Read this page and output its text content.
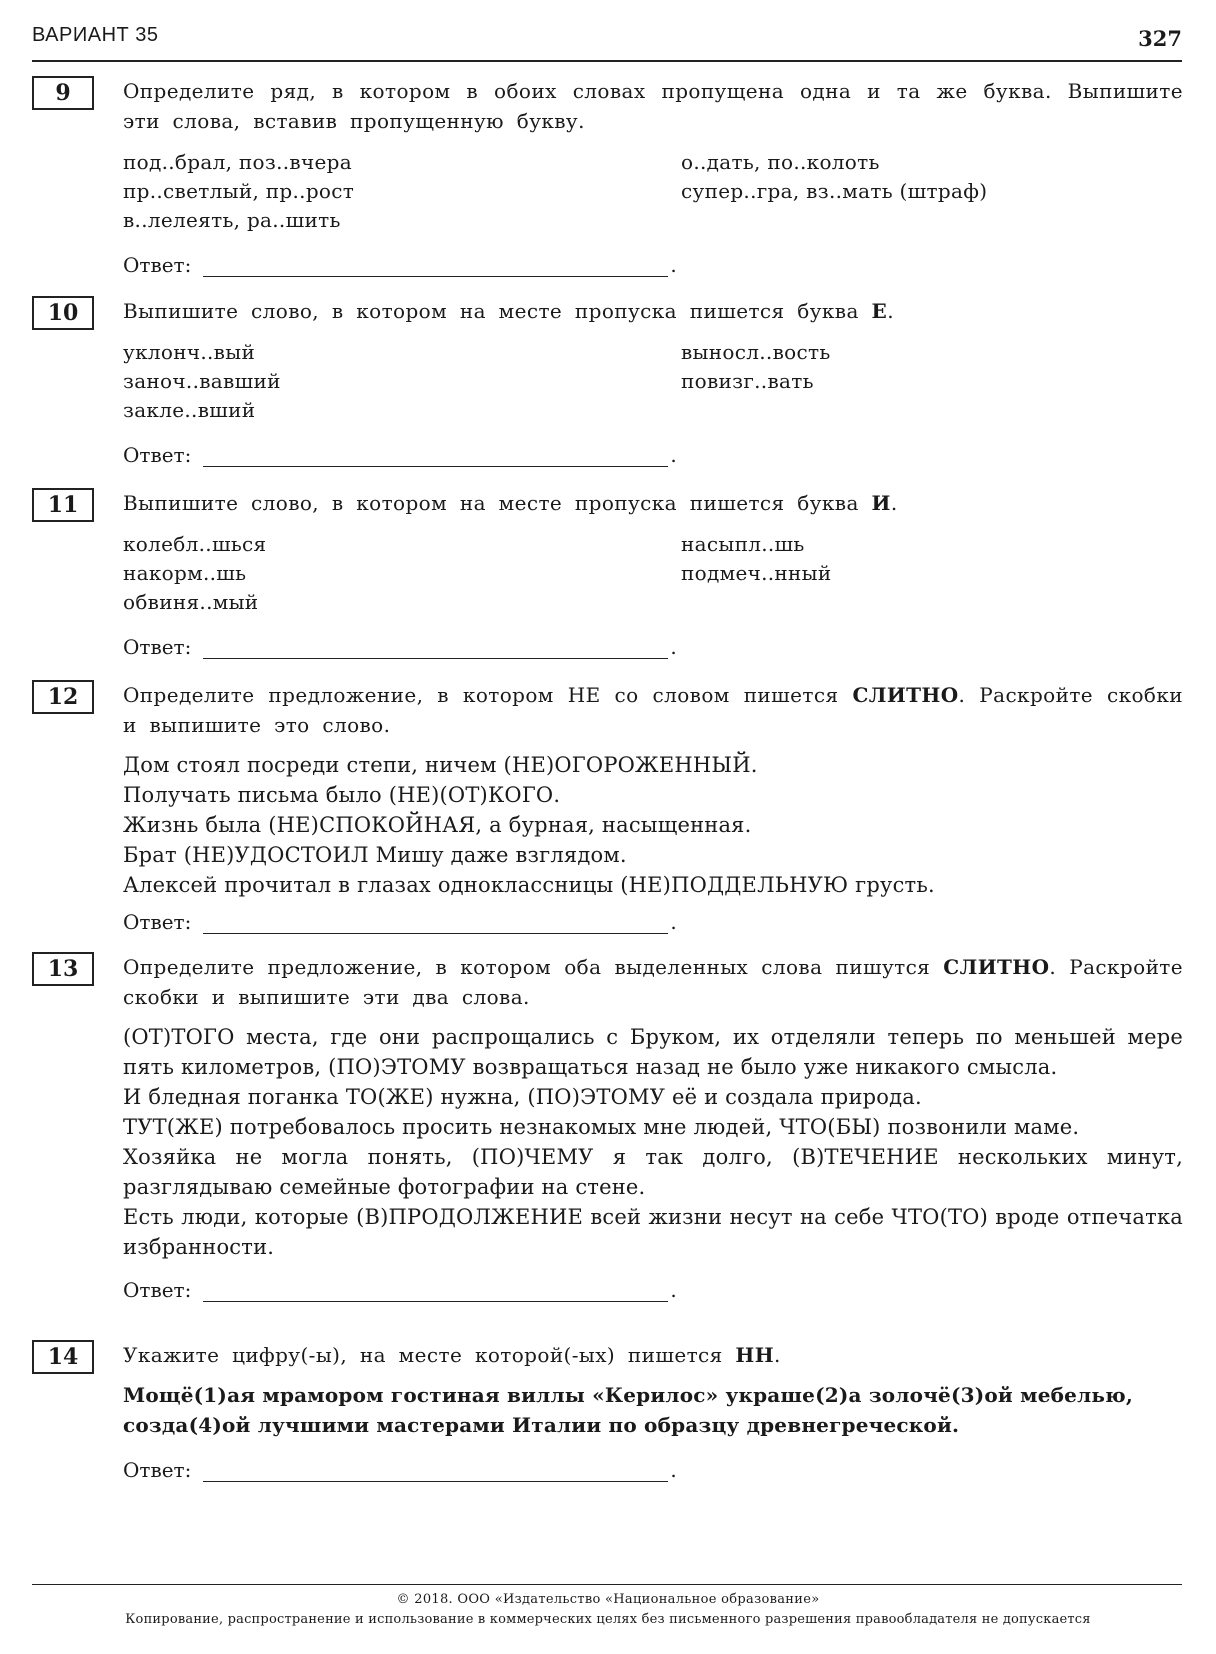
ВАРИАНТ 35	327
9	Определите ряд, в котором в обоих словах пропущена одна и та же буква. Выпишите эти слова, вставив пропущенную букву.

под..брал, поз..вчера	о..дать, по..колоть
пр..светлый, пр..рост	супер..гра, вз..мать (штраф)
в..лелеять, ра..шить
Ответ:	.
10	Выпишите слово, в котором на месте пропуска пишется буква Е.

уклонч..вый	выносл..вость
заноч..вавший	повизг..вать
закле..вший
Ответ:	.
11	Выпишите слово, в котором на месте пропуска пишется буква И.

колебл..шься	насыпл..шь
накорм..шь	подмеч..нный
обвиня..мый
Ответ:	.
12	Определите предложение, в котором НЕ со словом пишется СЛИТНО. Раскройте скобки и выпишите это слово.

Дом стоял посреди степи, ничем (НЕ)ОГОРОЖЕННЫЙ.
Получать письма было (НЕ)(ОТ)КОГО.
Жизнь была (НЕ)СПОКОЙНАЯ, а бурная, насыщенная.
Брат (НЕ)УДОСТОИЛ Мишу даже взглядом.
Алексей прочитал в глазах одноклассницы (НЕ)ПОДДЕЛЬНУЮ грусть.
Ответ:	.
13	Определите предложение, в котором оба выделенных слова пишутся СЛИТНО. Раскройте скобки и выпишите эти два слова.

(ОТ)ТОГО места, где они распрощались с Бруком, их отделяли теперь по меньшей мере пять километров, (ПО)ЭТОМУ возвращаться назад не было уже никакого смысла.
И бледная поганка ТО(ЖЕ) нужна, (ПО)ЭТОМУ её и создала природа.
ТУТ(ЖЕ) потребовалось просить незнакомых мне людей, ЧТО(БЫ) позвонили маме.
Хозяйка не могла понять, (ПО)ЧЕМУ я так долго, (В)ТЕЧЕНИЕ нескольких минут, разглядываю семейные фотографии на стене.
Есть люди, которые (В)ПРОДОЛЖЕНИЕ всей жизни несут на себе ЧТО(ТО) вроде отпечатка избранности.
Ответ:	.
14	Укажите цифру(-ы), на месте которой(-ых) пишется НН.

Мощё(1)ая мрамором гостиная виллы «Керилос» украше(2)а золочё(3)ой мебелью, созда(4)ой лучшими мастерами Италии по образцу древнегреческой.
Ответ:	.
© 2018. ООО «Издательство «Национальное образование»
Копирование, распространение и использование в коммерческих целях без письменного разрешения правообладателя не допускается
